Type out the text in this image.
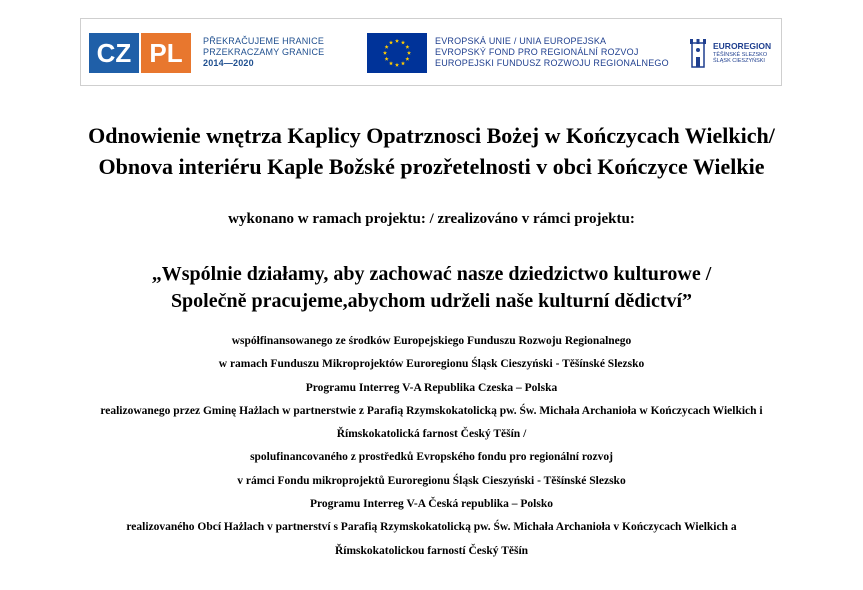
CZ PL PŘEKRAČUJEME HRANICE
PRZEKRACZAMY GRANICE
2014—2020
EVROPSKÁ UNIE / UNIA EUROPEJSKA
EVROPSKÝ FOND PRO REGIONÁLNÍ ROZVOJ
EUROPEJSKI FUNDUSZ ROZWOJU REGIONALNEGO
EUROREGION
TĚŠÍNSKÉ SLEZSKO
ŚLĄSK CIESZYŃSKI
Odnowienie wnętrza Kaplicy Opatrznosci Bożej w Kończycach Wielkich/
Obnova interiéru Kaple Božské prozřetelnosti v obci Kończyce Wielkie
wykonano w ramach projektu: / zrealizováno v rámci projektu:
„Wspólnie działamy, aby zachować nasze dziedzictwo kulturowe /
Společně pracujeme,abychom udrželi naše kulturní dědictví”
współfinansowanego ze środków Europejskiego Funduszu Rozwoju Regionalnego
w ramach Funduszu Mikroprojektów Euroregionu Śląsk Cieszyński - Těšínské Slezsko
Programu Interreg V-A Republika Czeska – Polska
realizowanego przez Gminę Hażlach w partnerstwie z Parafią Rzymskokatolicką pw. Św. Michała Archanioła w Kończycach Wielkich i
Římskokatolická farnost Český Těšín /
spolufinancovaného z prostředků Evropského fondu pro regionální rozvoj
v rámci Fondu mikroprojektů Euroregionu Śląsk Cieszyński - Těšínské Slezsko
Programu Interreg V-A Česká republika – Polsko
realizovaného Obcí Hażlach v partnerství s Parafią Rzymskokatolicką pw. Św. Michała Archanioła v Kończycach Wielkich a
Římskokatolickou farností Český Těšín
